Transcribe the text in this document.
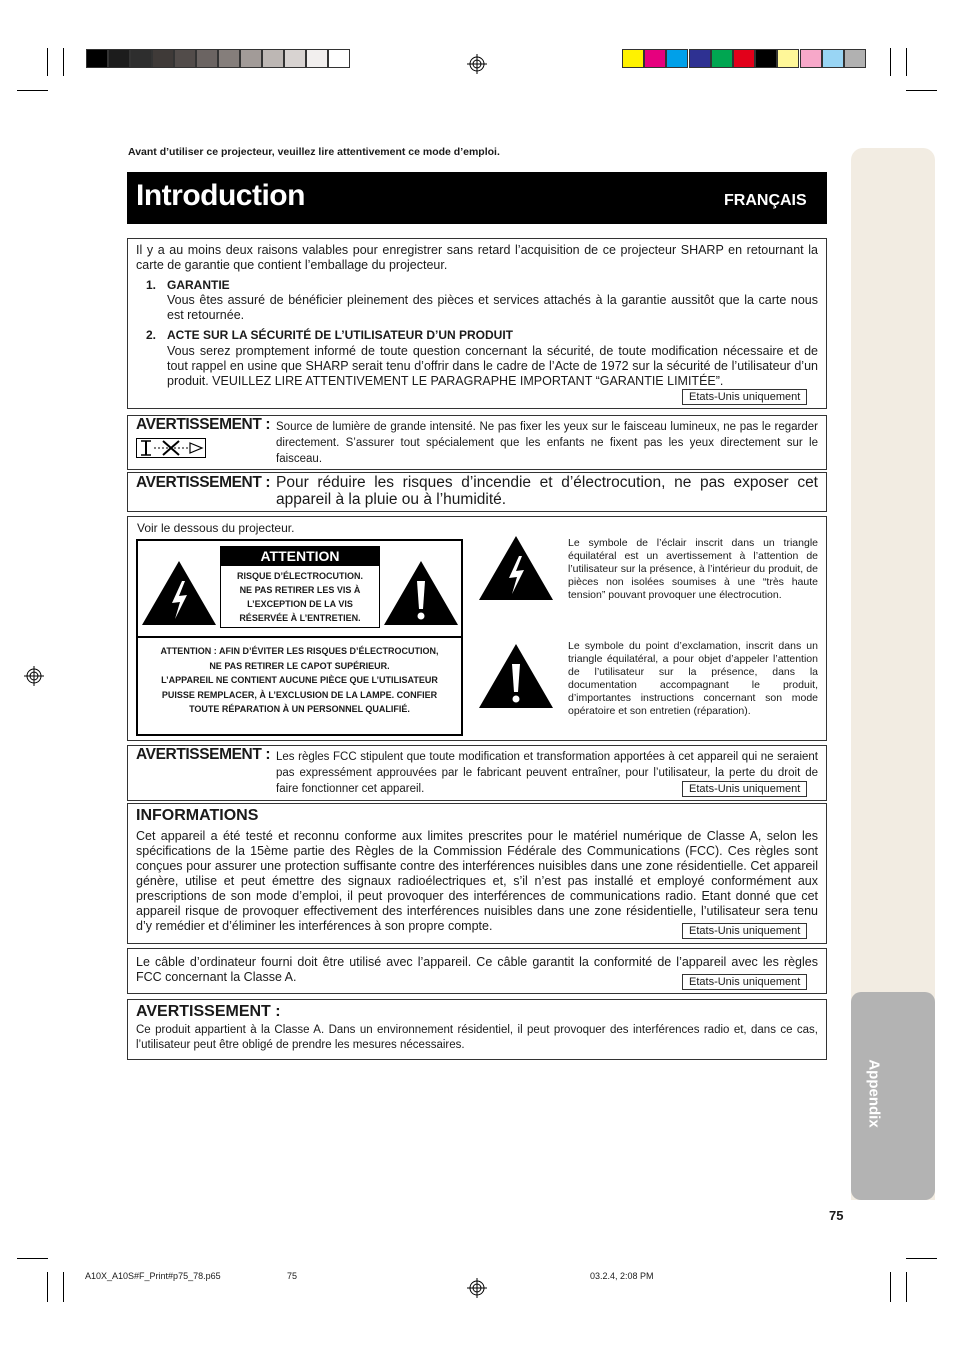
Appendix
Avant d’utiliser ce projecteur, veuillez lire attentivement ce mode d’emploi.
Introduction	FRANÇAIS
Il y a au moins deux raisons valables pour enregistrer sans retard l’acquisition de ce projecteur SHARP en retournant la carte de garantie que contient l’emballage du projecteur.
1. GARANTIE
Vous êtes assuré de bénéficier pleinement des pièces et services attachés à la garantie aussitôt que la carte nous est retournée.
2. ACTE SUR LA SÉCURITÉ DE L’UTILISATEUR D’UN PRODUIT
Vous serez promptement informé de toute question concernant la sécurité, de toute modification nécessaire et de tout rappel en usine que SHARP serait tenu d’offrir dans le cadre de l’Acte de 1972 sur la sécurité de l’utilisateur d’un produit. VEUILLEZ LIRE ATTENTIVEMENT LE PARAGRAPHE IMPORTANT “GARANTIE LIMITÉE”.
Etats-Unis uniquement
AVERTISSEMENT : Source de lumière de grande intensité. Ne pas fixer les yeux sur le faisceau lumineux, ne pas le regarder directement. S’assurer tout spécialement que les enfants ne fixent pas les yeux directement sur le faisceau.
AVERTISSEMENT : Pour réduire les risques d’incendie et d’électrocution, ne pas exposer cet appareil à la pluie ou à l’humidité.
Voir le dessous du projecteur.
ATTENTION
RISQUE D’ÉLECTROCUTION.
NE PAS RETIRER LES VIS À
L’EXCEPTION DE LA VIS
RÉSERVÉE À L’ENTRETIEN.
ATTENTION : AFIN D’ÉVITER LES RISQUES D’ÉLECTROCUTION,
NE PAS RETIRER LE CAPOT SUPÉRIEUR.
L’APPAREIL NE CONTIENT AUCUNE PIÈCE QUE L’UTILISATEUR
PUISSE REMPLACER, À L’EXCLUSION DE LA LAMPE. CONFIER
TOUTE RÉPARATION À UN PERSONNEL QUALIFIÉ.
Le symbole de l’éclair inscrit dans un triangle équilatéral est un avertissement à l’attention de l’utilisateur sur la présence, à l’intérieur du produit, de pièces non isolées soumises à une “très haute tension” pouvant provoquer une électrocution.
Le symbole du point d’exclamation, inscrit dans un triangle équilatéral, a pour objet d’appeler l’attention de l’utilisateur sur la présence, dans la documentation accompagnant le produit, d’importantes instructions concernant son mode opératoire et son entretien (réparation).
AVERTISSEMENT : Les règles FCC stipulent que toute modification et transformation apportées à cet appareil qui ne seraient pas expressément approuvées par le fabricant peuvent entraîner, pour l’utilisateur, la perte du droit de faire fonctionner cet appareil.	Etats-Unis uniquement
INFORMATIONS
Cet appareil a été testé et reconnu conforme aux limites prescrites pour le matériel numérique de Classe A, selon les spécifications de la 15ème partie des Règles de la Commission Fédérale des Communications (FCC). Ces règles sont conçues pour assurer une protection suffisante contre des interférences nuisibles dans une zone résidentielle. Cet appareil génère, utilise et peut émettre des signaux radioélectriques et, s’il n’est pas installé et employé conformément aux prescriptions de son mode d’emploi, il peut provoquer des interférences de communications radio. Etant donné que cet appareil risque de provoquer effectivement des interférences nuisibles dans une zone résidentielle, l’utilisateur sera tenu d’y remédier et d’éliminer les interférences à son propre compte.	Etats-Unis uniquement
Le câble d’ordinateur fourni doit être utilisé avec l’appareil. Ce câble garantit la conformité de l’appareil avec les règles FCC concernant la Classe A.	Etats-Unis uniquement
AVERTISSEMENT :
Ce produit appartient à la Classe A. Dans un environnement résidentiel, il peut provoquer des interférences radio et, dans ce cas, l’utilisateur peut être obligé de prendre les mesures nécessaires.
75
A10X_A10S#F_Print#p75_78.p65	75	03.2.4, 2:08 PM
